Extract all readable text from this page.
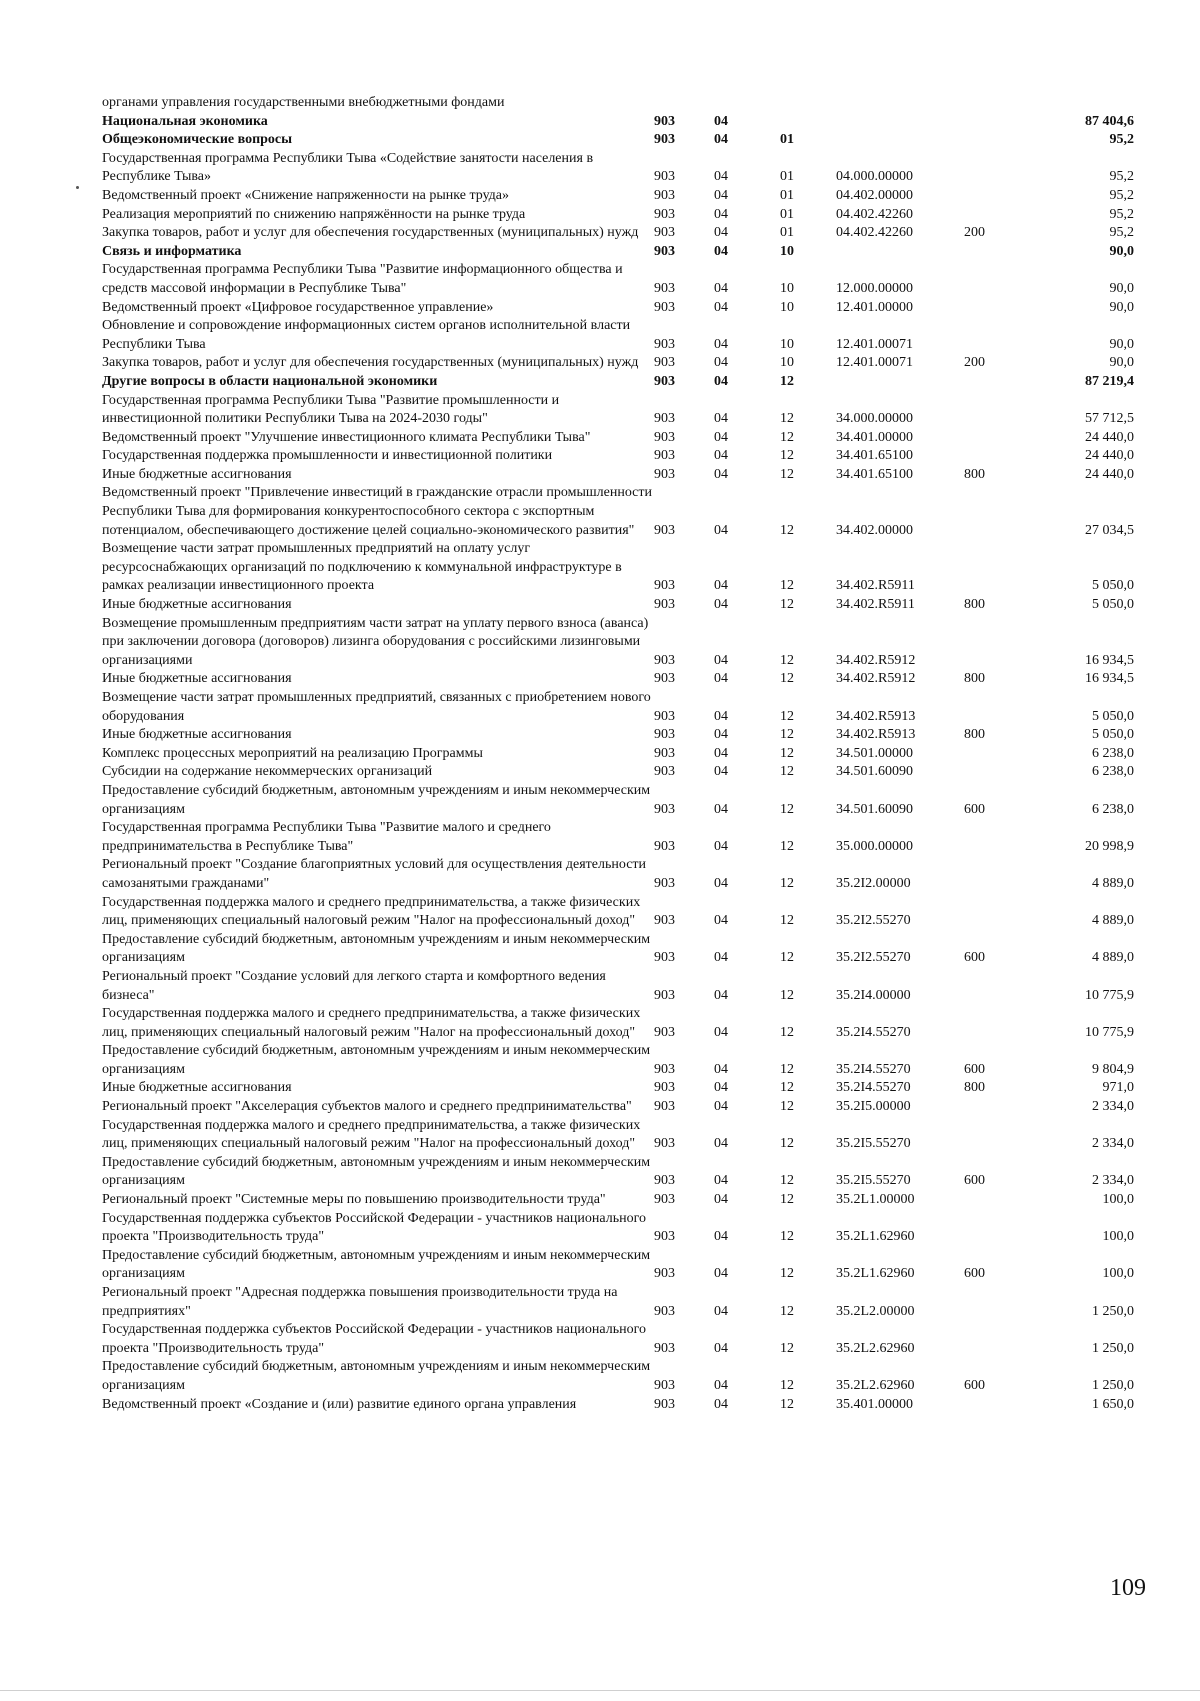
органами управления государственными внебюджетными фондами						
Национальная экономика	903	04				87 404,6
Общеэкономические вопросы	903	04	01			95,2
Государственная программа Республики Тыва «Содействие занятости населения в Республике Тыва»	903	04	01	04.000.00000		95,2
Ведомственный проект «Снижение напряженности на рынке труда»	903	04	01	04.402.00000		95,2
Реализация мероприятий по снижению напряжённости на рынке труда	903	04	01	04.402.42260		95,2
Закупка товаров, работ и услуг для обеспечения государственных (муниципальных) нужд	903	04	01	04.402.42260	200	95,2
Связь и информатика	903	04	10			90,0
Государственная программа Республики Тыва "Развитие информационного общества и средств массовой информации в Республике Тыва"	903	04	10	12.000.00000		90,0
Ведомственный проект «Цифровое государственное управление»	903	04	10	12.401.00000		90,0
Обновление и сопровождение информационных систем органов исполнительной власти Республики Тыва	903	04	10	12.401.00071		90,0
Закупка товаров, работ и услуг для обеспечения государственных (муниципальных) нужд	903	04	10	12.401.00071	200	90,0
Другие вопросы в области национальной экономики	903	04	12			87 219,4
Государственная программа Республики Тыва "Развитие промышленности и инвестиционной политики Республики Тыва на 2024-2030 годы"	903	04	12	34.000.00000		57 712,5
Ведомственный проект "Улучшение инвестиционного климата Республики Тыва"	903	04	12	34.401.00000		24 440,0
Государственная поддержка промышленности и инвестиционной политики	903	04	12	34.401.65100		24 440,0
Иные бюджетные ассигнования	903	04	12	34.401.65100	800	24 440,0
Ведомственный проект "Привлечение инвестиций в гражданские отрасли промышленности Республики Тыва для формирования конкурентоспособного сектора с экспортным потенциалом, обеспечивающего достижение целей социально-экономического развития"	903	04	12	34.402.00000		27 034,5
Возмещение части затрат промышленных предприятий на оплату услуг ресурсоснабжающих организаций по подключению к коммунальной инфраструктуре в рамках реализации инвестиционного проекта	903	04	12	34.402.R5911		5 050,0
Иные бюджетные ассигнования	903	04	12	34.402.R5911	800	5 050,0
Возмещение промышленным предприятиям части затрат на уплату первого взноса (аванса) при заключении договора (договоров) лизинга оборудования с российскими лизинговыми организациями	903	04	12	34.402.R5912		16 934,5
Иные бюджетные ассигнования	903	04	12	34.402.R5912	800	16 934,5
Возмещение части затрат промышленных предприятий, связанных с приобретением нового оборудования	903	04	12	34.402.R5913		5 050,0
Иные бюджетные ассигнования	903	04	12	34.402.R5913	800	5 050,0
Комплекс процессных мероприятий на реализацию Программы	903	04	12	34.501.00000		6 238,0
Субсидии на содержание некоммерческих организаций	903	04	12	34.501.60090		6 238,0
Предоставление субсидий бюджетным, автономным учреждениям и иным некоммерческим организациям	903	04	12	34.501.60090	600	6 238,0
Государственная программа Республики Тыва "Развитие малого и среднего предпринимательства в Республике Тыва"	903	04	12	35.000.00000		20 998,9
Региональный проект "Создание благоприятных условий для осуществления деятельности самозанятыми гражданами"	903	04	12	35.2I2.00000		4 889,0
Государственная поддержка малого и среднего предпринимательства, а также физических лиц, применяющих специальный налоговый режим "Налог на профессиональный доход"	903	04	12	35.2I2.55270		4 889,0
Предоставление субсидий бюджетным, автономным учреждениям и иным некоммерческим организациям	903	04	12	35.2I2.55270	600	4 889,0
Региональный проект "Создание условий для легкого старта и комфортного ведения бизнеса"	903	04	12	35.2I4.00000		10 775,9
Государственная поддержка малого и среднего предпринимательства, а также физических лиц, применяющих специальный налоговый режим "Налог на профессиональный доход"	903	04	12	35.2I4.55270		10 775,9
Предоставление субсидий бюджетным, автономным учреждениям и иным некоммерческим организациям	903	04	12	35.2I4.55270	600	9 804,9
Иные бюджетные ассигнования	903	04	12	35.2I4.55270	800	971,0
Региональный проект "Акселерация субъектов малого и среднего предпринимательства"	903	04	12	35.2I5.00000		2 334,0
Государственная поддержка малого и среднего предпринимательства, а также физических лиц, применяющих специальный налоговый режим "Налог на профессиональный доход"	903	04	12	35.2I5.55270		2 334,0
Предоставление субсидий бюджетным, автономным учреждениям и иным некоммерческим организациям	903	04	12	35.2I5.55270	600	2 334,0
Региональный проект "Системные меры по повышению производительности труда"	903	04	12	35.2L1.00000		100,0
Государственная поддержка субъектов Российской Федерации - участников национального проекта "Производительность труда"	903	04	12	35.2L1.62960		100,0
Предоставление субсидий бюджетным, автономным учреждениям и иным некоммерческим организациям	903	04	12	35.2L1.62960	600	100,0
Региональный проект "Адресная поддержка повышения производительности труда на предприятиях"	903	04	12	35.2L2.00000		1 250,0
Государственная поддержка субъектов Российской Федерации - участников национального проекта "Производительность труда"	903	04	12	35.2L2.62960		1 250,0
Предоставление субсидий бюджетным, автономным учреждениям и иным некоммерческим организациям	903	04	12	35.2L2.62960	600	1 250,0
Ведомственный проект «Создание и (или) развитие единого органа управления	903	04	12	35.401.00000		1 650,0
109
